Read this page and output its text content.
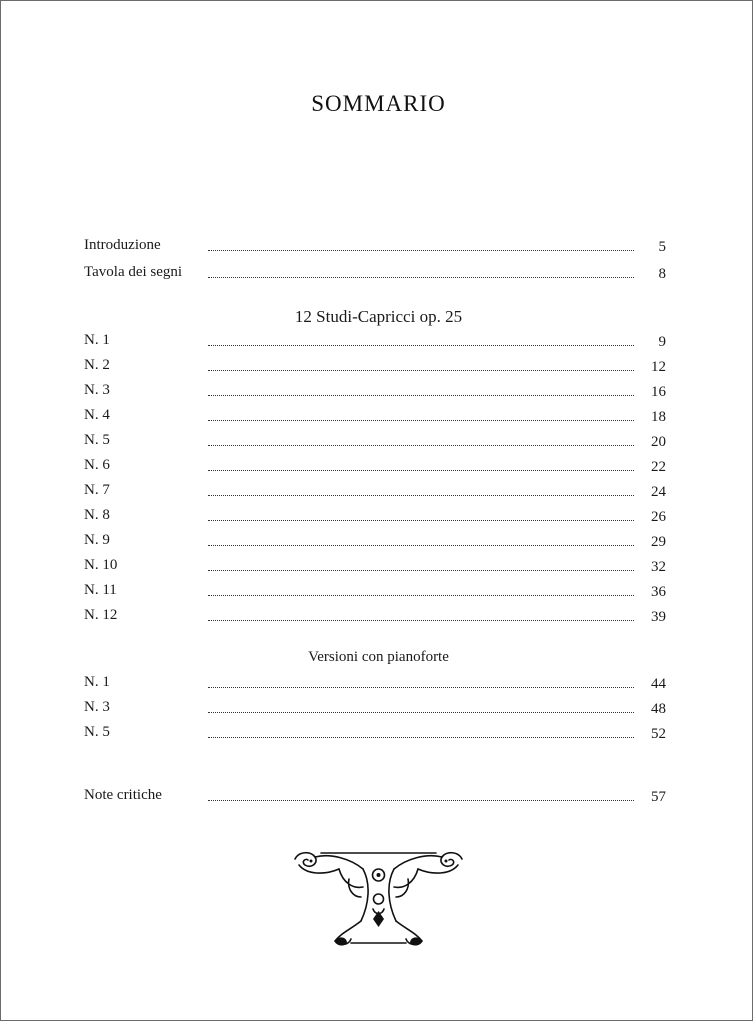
SOMMARIO
Introduzione	5
Tavola dei segni	8
12 Studi-Capricci op. 25
N. 1	9
N. 2	12
N. 3	16
N. 4	18
N. 5	20
N. 6	22
N. 7	24
N. 8	26
N. 9	29
N. 10	32
N. 11	36
N. 12	39
Versioni con pianoforte
N. 1	44
N. 3	48
N. 5	52
Note critiche	57
